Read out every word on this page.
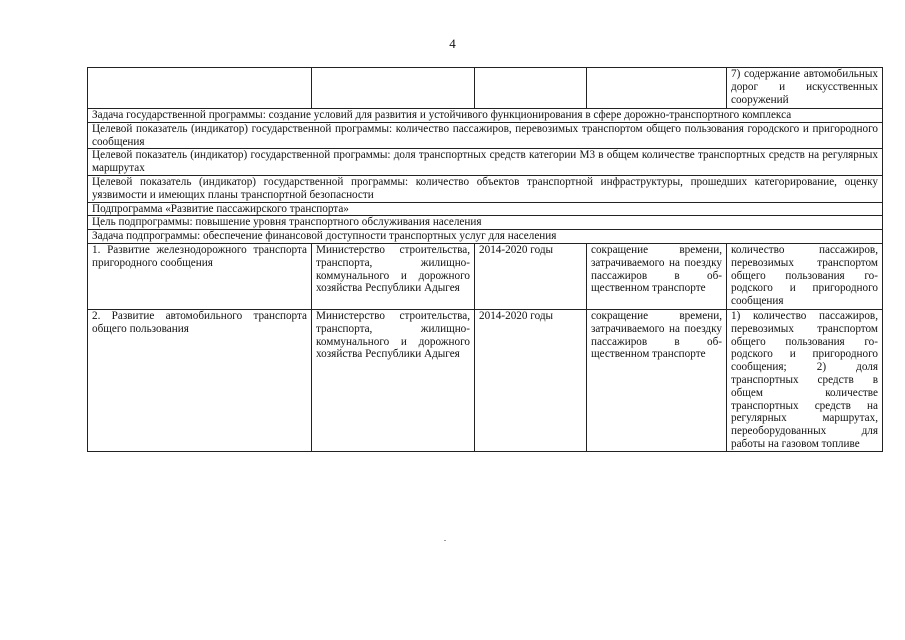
4
				7) содержание автомобильных дорог и искусственных сооружений
Задача государственной программы: создание условий для развития и устойчивого функционирования в сфере дорожно-транспортного комплекса				
Целевой показатель (индикатор) государственной программы: количество пассажиров, перевозимых транспортом общего пользования городского и пригородного сообщения				
Целевой показатель (индикатор) государственной программы: доля транспортных средств категории М3 в общем количестве транспортных средств на регулярных маршрутах				
Целевой показатель (индикатор) государственной программы: количество объектов транспортной инфраструктуры, прошедших категорирование, оценку уязвимости и имеющих планы транспортной безопасности				
Подпрограмма «Развитие пассажирского транспорта»				
Цель подпрограммы: повышение уровня транспортного обслуживания населения				
Задача подпрограммы: обеспечение финансовой доступности транспортных услуг для населения				
1. Развитие железнодорожного транспорта пригородного сообщения	Министерство строительства, транспорта, жилищно-коммунального и дорожного хозяйства Республики Адыгея	2014-2020 годы	сокращение времени, затрачиваемого на поездку пассажиров в общественном транспорте	количество пассажиров, перевозимых транспортом общего пользования городского и пригородного сообщения
2. Развитие автомобильного транспорта общего пользования	Министерство строительства, транспорта, жилищно-коммунального и дорожного хозяйства Республики Адыгея	2014-2020 годы	сокращение времени, затрачиваемого на поездку пассажиров в общественном транспорте	1) количество пассажиров, перевозимых транспортом общего пользования городского и пригородного сообщения; 2) доля транспортных средств в общем количестве транспортных средств на регулярных маршрутах, переоборудованных для работы на газовом топливе
